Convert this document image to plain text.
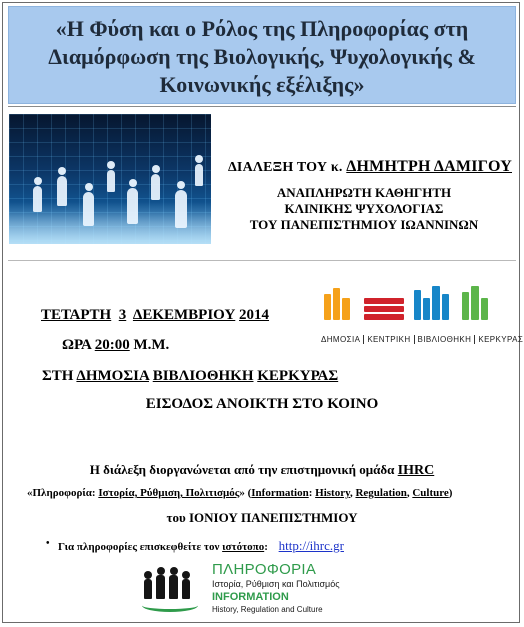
«Η Φύση και ο Ρόλος της Πληροφορίας στη Διαμόρφωση της Βιολογικής, Ψυχολογικής & Κοινωνικής εξέλιξης»
ΔΙΑΛΕΞΗ ΤΟΥ κ. ΔΗΜΗΤΡΗ ΔΑΜΙΓΟΥ
ΑΝΑΠΛΗΡΩΤΗ ΚΑΘΗΓΗΤΗ
ΚΛΙΝΙΚΗΣ ΨΥΧΟΛΟΓΙΑΣ
ΤΟΥ ΠΑΝΕΠΙΣΤΗΜΙΟΥ ΙΩΑΝΝΙΝΩΝ
ΔΗΜΟΣΙΑ ΚΕΝΤΡΙΚΗ ΒΙΒΛΙΟΘΗΚΗ ΚΕΡΚΥΡΑΣ
ΤΕΤΑΡΤΗ 3 ΔΕΚΕΜΒΡΙΟΥ 2014
ΩΡΑ 20:00 Μ.Μ.
ΣΤΗ ΔΗΜΟΣΙΑ ΒΙΒΛΙΟΘΗΚΗ ΚΕΡΚΥΡΑΣ
ΕΙΣΟΔΟΣ ΑΝΟΙΚΤΗ ΣΤΟ ΚΟΙΝΟ
Η διάλεξη διοργανώνεται από την επιστημονική ομάδα IHRC
«Πληροφορία: Ιστορία, Ρύθμιση, Πολιτισμός» (Information: History, Regulation, Culture)
του ΙΟΝΙΟΥ ΠΑΝΕΠΙΣΤΗΜΙΟΥ
• Για πληροφορίες επισκεφθείτε τον ιστότοπο: http://ihrc.gr
ΠΛΗΡΟΦΟΡΙΑ
Ιστορία, Ρύθμιση και Πολιτισμός
INFORMATION
History, Regulation and Culture
